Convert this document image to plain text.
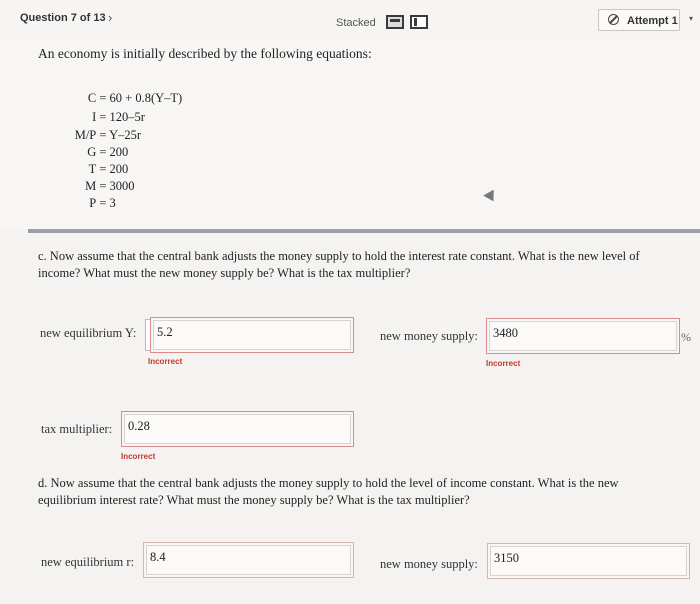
Question 7 of 13 ›	Stacked	Attempt 1 ▾
An economy is initially described by the following equations:

C = 60 + 0.8(Y–T)

I = 120–5r

M/P = Y–25r

G = 200

T = 200

M = 3000

P = 3

c. Now assume that the central bank adjusts the money supply to hold the interest rate constant. What is the new level of
income? What must the new money supply be? What is the tax multiplier?
new equilibrium Y: 5.2
Incorrect
new money supply: 3480
Incorrect
%
tax multiplier: 0.28
Incorrect
d. Now assume that the central bank adjusts the money supply to hold the level of income constant. What is the new
equilibrium interest rate? What must the money supply be? What is the tax multiplier?
new equilibrium r: 8.4	new money supply: 3150
